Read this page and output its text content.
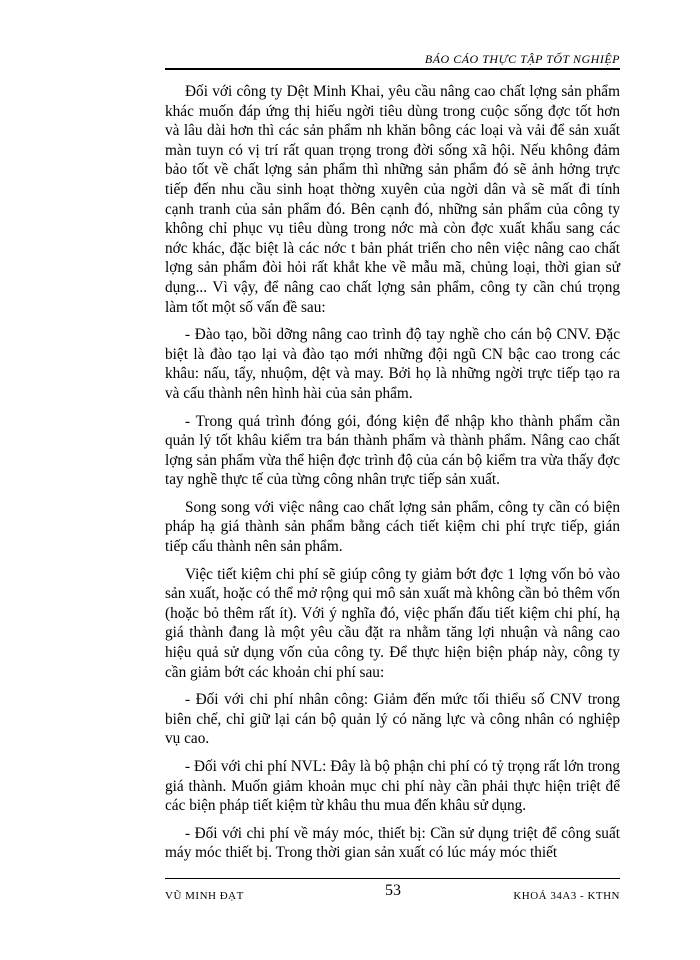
BÁO CÁO THỰC TẬP TỐT NGHIỆP

Đối với công ty Dệt Minh Khai, yêu cầu nâng cao chất lợng sản phẩm khác muốn đáp ứng thị hiếu ngời tiêu dùng trong cuộc sống đợc tốt hơn và lâu dài hơn thì các sản phẩm nh khăn bông các loại và vải để sản xuất màn tuyn có vị trí rất quan trọng trong đời sống xã hội. Nếu không đảm bảo tốt về chất lợng sản phẩm thì những sản phẩm đó sẽ ảnh hởng trực tiếp đến nhu cầu sinh hoạt thờng xuyên của ngời dân và sẽ mất đi tính cạnh tranh của sản phẩm đó. Bên cạnh đó, những sản phẩm của công ty không chỉ phục vụ tiêu dùng trong nớc mà còn đợc xuất khẩu sang các nớc khác, đặc biệt là các nớc t bản phát triển cho nên việc nâng cao chất lợng sản phẩm đòi hỏi rất khắt khe về mẫu mã, chủng loại, thời gian sử dụng... Vì vậy, để nâng cao chất lợng sản phẩm, công ty cần chú trọng làm tốt một số vấn đề sau:

- Đào tạo, bồi dỡng nâng cao trình độ tay nghề cho cán bộ CNV. Đặc biệt là đào tạo lại và đào tạo mới những đội ngũ CN bậc cao trong các khâu: nấu, tẩy, nhuộm, dệt và may. Bởi họ là những ngời trực tiếp tạo ra và cấu thành nên hình hài của sản phẩm.

- Trong quá trình đóng gói, đóng kiện để nhập kho thành phẩm cần quản lý tốt khâu kiểm tra bán thành phẩm và thành phẩm. Nâng cao chất lợng sản phẩm vừa thể hiện đợc trình độ của cán bộ kiểm tra vừa thấy đợc tay nghề thực tế của từng công nhân trực tiếp sản xuất.

Song song với việc nâng cao chất lợng sản phẩm, công ty cần có biện pháp hạ giá thành sản phẩm bằng cách tiết kiệm chi phí trực tiếp, gián tiếp cấu thành nên sản phẩm.

Việc tiết kiệm chi phí sẽ giúp công ty giảm bớt đợc 1 lợng vốn bỏ vào sản xuất, hoặc có thể mở rộng qui mô sản xuất mà không cần bỏ thêm vốn (hoặc bỏ thêm rất ít). Với ý nghĩa đó, việc phấn đấu tiết kiệm chi phí, hạ giá thành đang là một yêu cầu đặt ra nhằm tăng lợi nhuận và nâng cao hiệu quả sử dụng vốn của công ty. Để thực hiện biện pháp này, công ty cần giảm bớt các khoản chi phí sau:

- Đối với chi phí nhân công: Giảm đến mức tối thiểu số CNV trong biên chế, chỉ giữ lại cán bộ quản lý có năng lực và công nhân có nghiệp vụ cao.

- Đối với chi phí NVL: Đây là bộ phận chi phí có tỷ trọng rất lớn trong giá thành. Muốn giảm khoản mục chi phí này cần phải thực hiện triệt để các biện pháp tiết kiệm từ khâu thu mua đến khâu sử dụng.

- Đối với chi phí về máy móc, thiết bị: Cần sử dụng triệt để công suất máy móc thiết bị. Trong thời gian sản xuất có lúc máy móc thiết

VŨ MINH ĐẠT	53	KHOÁ 34A3 - KTHN
